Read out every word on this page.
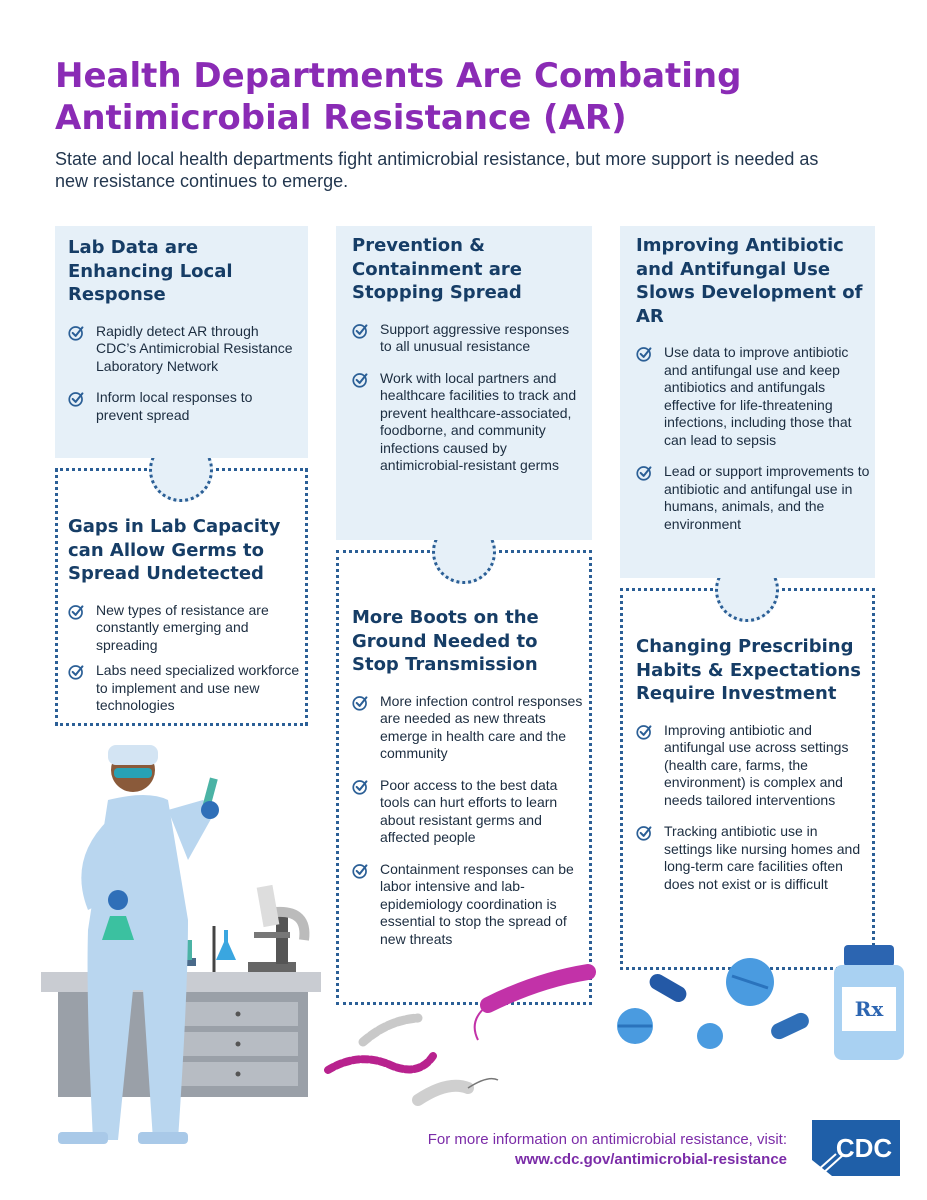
Health Departments Are Combating Antimicrobial Resistance (AR)

State and local health departments fight antimicrobial resistance, but more support is needed as new resistance continues to emerge.

Lab Data are Enhancing Local Response
Rapidly detect AR through CDC’s Antimicrobial Resistance Laboratory Network
Inform local responses to prevent spread
Gaps in Lab Capacity can Allow Germs to Spread Undetected
New types of resistance are constantly emerging and spreading
Labs need specialized workforce to implement and use new technologies
Prevention & Containment are Stopping Spread
Support aggressive responses to all unusual resistance
Work with local partners and healthcare facilities to track and prevent healthcare-associated, foodborne, and community infections caused by antimicrobial-resistant germs
More Boots on the Ground Needed to Stop Transmission
More infection control responses are needed as new threats emerge in health care and the community
Poor access to the best data tools can hurt efforts to learn about resistant germs and affected people
Containment responses can be labor intensive and lab-epidemiology coordination is essential to stop the spread of new threats
Improving Antibiotic and Antifungal Use Slows Development of AR
Use data to improve antibiotic and antifungal use and keep antibiotics and antifungals effective for life-threatening infections, including those that can lead to sepsis
Lead or support improvements to antibiotic and antifungal use in humans, animals, and the environment
Changing Prescribing Habits & Expectations Require Investment
Improving antibiotic and antifungal use across settings (health care, farms, the environment) is complex and needs tailored interventions
Tracking antibiotic use in settings like nursing homes and long-term care facilities often does not exist or is difficult
Rx
For more information on antimicrobial resistance, visit:
www.cdc.gov/antimicrobial-resistance CDC
